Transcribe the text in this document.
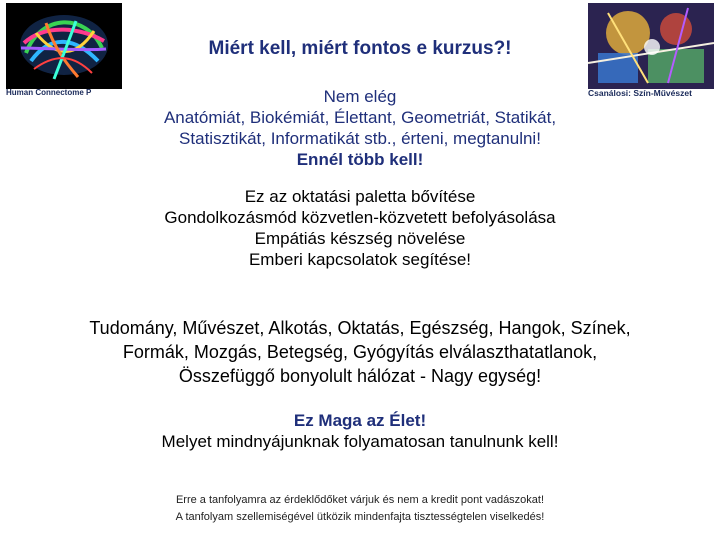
Human Connectome P	Csanálosi: Szín-Művészet
Miért kell, miért fontos e kurzus?!
Nem elég
Anatómiát, Biokémiát, Élettant, Geometriát, Statikát,
Statisztikát, Informatikát stb., érteni, megtanulni!
Ennél több kell!
Ez az oktatási paletta bővítése
Gondolkozásmód közvetlen-közvetett befolyásolása
Empátiás készség növelése
Emberi kapcsolatok segítése!
Tudomány, Művészet, Alkotás, Oktatás, Egészség, Hangok, Színek,
Formák, Mozgás, Betegség, Gyógyítás elválaszthatatlanok,
Összefüggő bonyolult hálózat - Nagy egység!
Ez Maga az Élet!
Melyet mindnyájunknak folyamatosan tanulnunk kell!
Erre a tanfolyamra az érdeklődőket várjuk és nem a kredit pont vadászokat!
A tanfolyam szellemiségével ütközik mindenfajta tisztességtelen viselkedés!
